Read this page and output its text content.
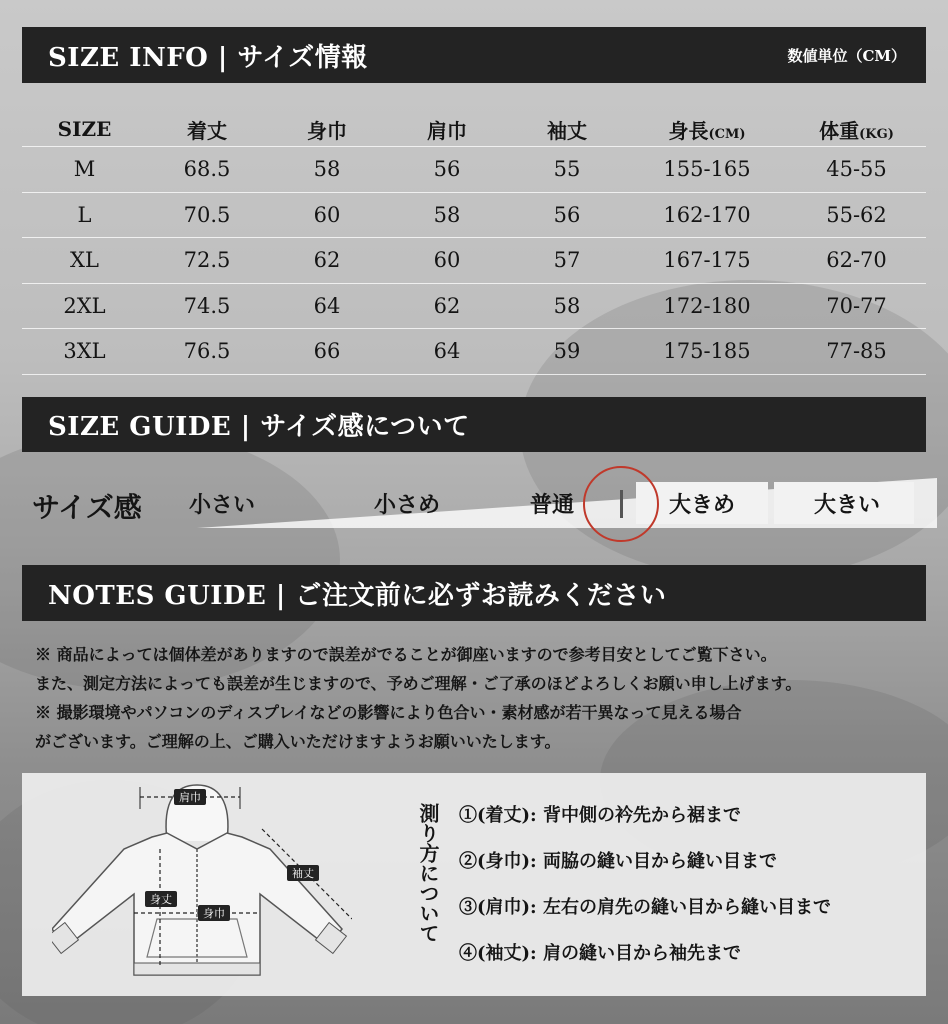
SIZE INFO | サイズ情報	数値単位（CM）
SIZE	着丈	身巾	肩巾	袖丈	身長(CM)	体重(KG)
M	68.5	58	56	55	155-165	45-55
L	70.5	60	58	56	162-170	55-62
XL	72.5	62	60	57	167-175	62-70
2XL	74.5	64	62	58	172-180	70-77
3XL	76.5	66	64	59	175-185	77-85
SIZE GUIDE | サイズ感について
サイズ感	小さい	小さめ	普通	大きめ	大きい
NOTES GUIDE | ご注文前に必ずお読みください
※ 商品によっては個体差がありますので誤差がでることが御座いますので参考目安としてご覧下さい。
また、測定方法によっても誤差が生じますので、予めご理解・ご了承のほどよろしくお願い申し上げます。
※ 撮影環境やパソコンのディスプレイなどの影響により色合い・素材感が若干異なって見える場合
がございます。ご理解の上、ご購入いただけますようお願いいたします。
肩巾
袖丈
身丈
身巾	測り方について ①(着丈): 背中側の衿先から裾まで
②(身巾): 両脇の縫い目から縫い目まで
③(肩巾): 左右の肩先の縫い目から縫い目まで
④(袖丈): 肩の縫い目から袖先まで
